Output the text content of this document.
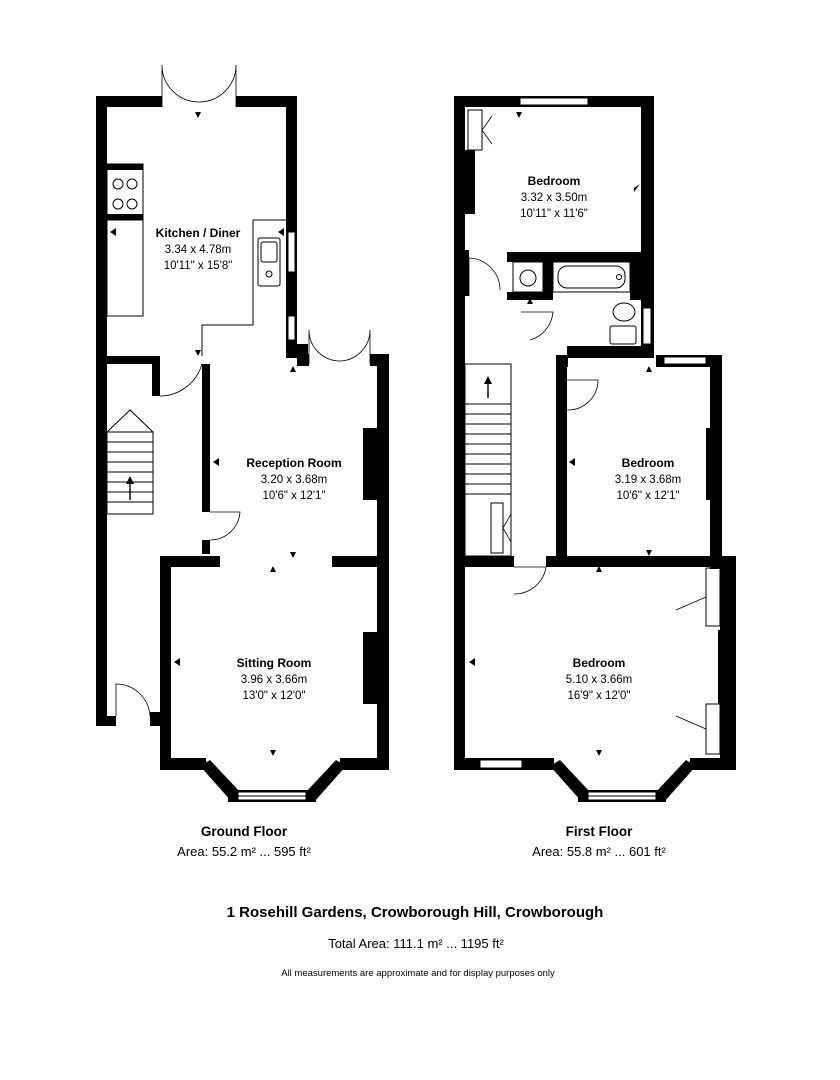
Kitchen / Diner
3.34 x 4.78m
10'11" x 15'8"
Reception Room
3.20 x 3.68m
10'6" x 12'1"
Sitting Room
3.96 x 3.66m
13'0" x 12'0"
Bedroom
3.32 x 3.50m
10'11" x 11'6"
Bedroom
3.19 x 3.68m
10'6" x 12'1"
Bedroom
5.10 x 3.66m
16'9" x 12'0"
Ground Floor
Area: 55.2 m² ... 595 ft²
First Floor
Area: 55.8 m² ... 601 ft²
1 Rosehill Gardens, Crowborough Hill, Crowborough
Total Area: 111.1 m² ... 1195 ft²
All measurements are approximate and for display purposes only
